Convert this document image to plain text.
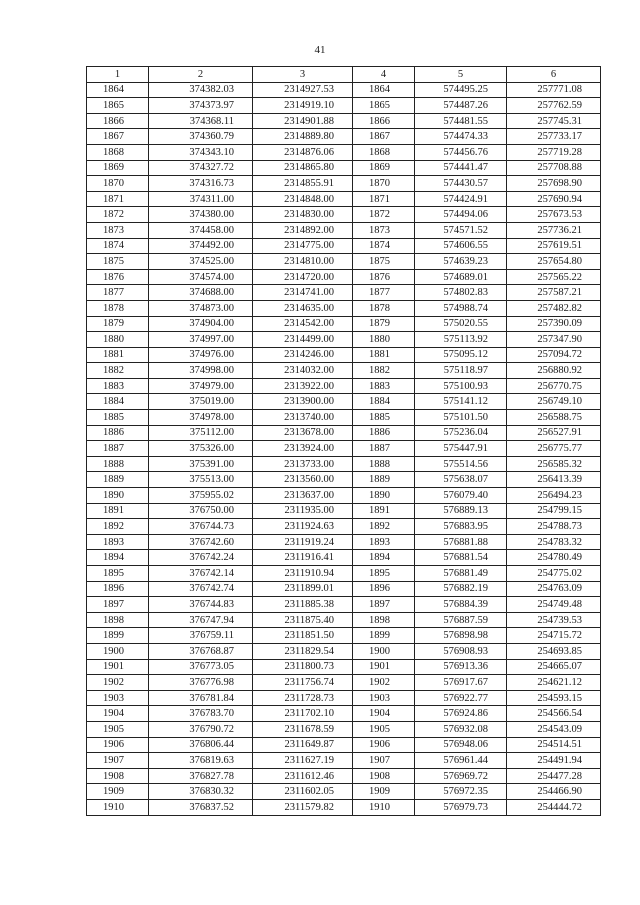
41
1	2	3	4	5	6
1864	374382.03	2314927.53	1864	574495.25	257771.08
1865	374373.97	2314919.10	1865	574487.26	257762.59
1866	374368.11	2314901.88	1866	574481.55	257745.31
1867	374360.79	2314889.80	1867	574474.33	257733.17
1868	374343.10	2314876.06	1868	574456.76	257719.28
1869	374327.72	2314865.80	1869	574441.47	257708.88
1870	374316.73	2314855.91	1870	574430.57	257698.90
1871	374311.00	2314848.00	1871	574424.91	257690.94
1872	374380.00	2314830.00	1872	574494.06	257673.53
1873	374458.00	2314892.00	1873	574571.52	257736.21
1874	374492.00	2314775.00	1874	574606.55	257619.51
1875	374525.00	2314810.00	1875	574639.23	257654.80
1876	374574.00	2314720.00	1876	574689.01	257565.22
1877	374688.00	2314741.00	1877	574802.83	257587.21
1878	374873.00	2314635.00	1878	574988.74	257482.82
1879	374904.00	2314542.00	1879	575020.55	257390.09
1880	374997.00	2314499.00	1880	575113.92	257347.90
1881	374976.00	2314246.00	1881	575095.12	257094.72
1882	374998.00	2314032.00	1882	575118.97	256880.92
1883	374979.00	2313922.00	1883	575100.93	256770.75
1884	375019.00	2313900.00	1884	575141.12	256749.10
1885	374978.00	2313740.00	1885	575101.50	256588.75
1886	375112.00	2313678.00	1886	575236.04	256527.91
1887	375326.00	2313924.00	1887	575447.91	256775.77
1888	375391.00	2313733.00	1888	575514.56	256585.32
1889	375513.00	2313560.00	1889	575638.07	256413.39
1890	375955.02	2313637.00	1890	576079.40	256494.23
1891	376750.00	2311935.00	1891	576889.13	254799.15
1892	376744.73	2311924.63	1892	576883.95	254788.73
1893	376742.60	2311919.24	1893	576881.88	254783.32
1894	376742.24	2311916.41	1894	576881.54	254780.49
1895	376742.14	2311910.94	1895	576881.49	254775.02
1896	376742.74	2311899.01	1896	576882.19	254763.09
1897	376744.83	2311885.38	1897	576884.39	254749.48
1898	376747.94	2311875.40	1898	576887.59	254739.53
1899	376759.11	2311851.50	1899	576898.98	254715.72
1900	376768.87	2311829.54	1900	576908.93	254693.85
1901	376773.05	2311800.73	1901	576913.36	254665.07
1902	376776.98	2311756.74	1902	576917.67	254621.12
1903	376781.84	2311728.73	1903	576922.77	254593.15
1904	376783.70	2311702.10	1904	576924.86	254566.54
1905	376790.72	2311678.59	1905	576932.08	254543.09
1906	376806.44	2311649.87	1906	576948.06	254514.51
1907	376819.63	2311627.19	1907	576961.44	254491.94
1908	376827.78	2311612.46	1908	576969.72	254477.28
1909	376830.32	2311602.05	1909	576972.35	254466.90
1910	376837.52	2311579.82	1910	576979.73	254444.72
